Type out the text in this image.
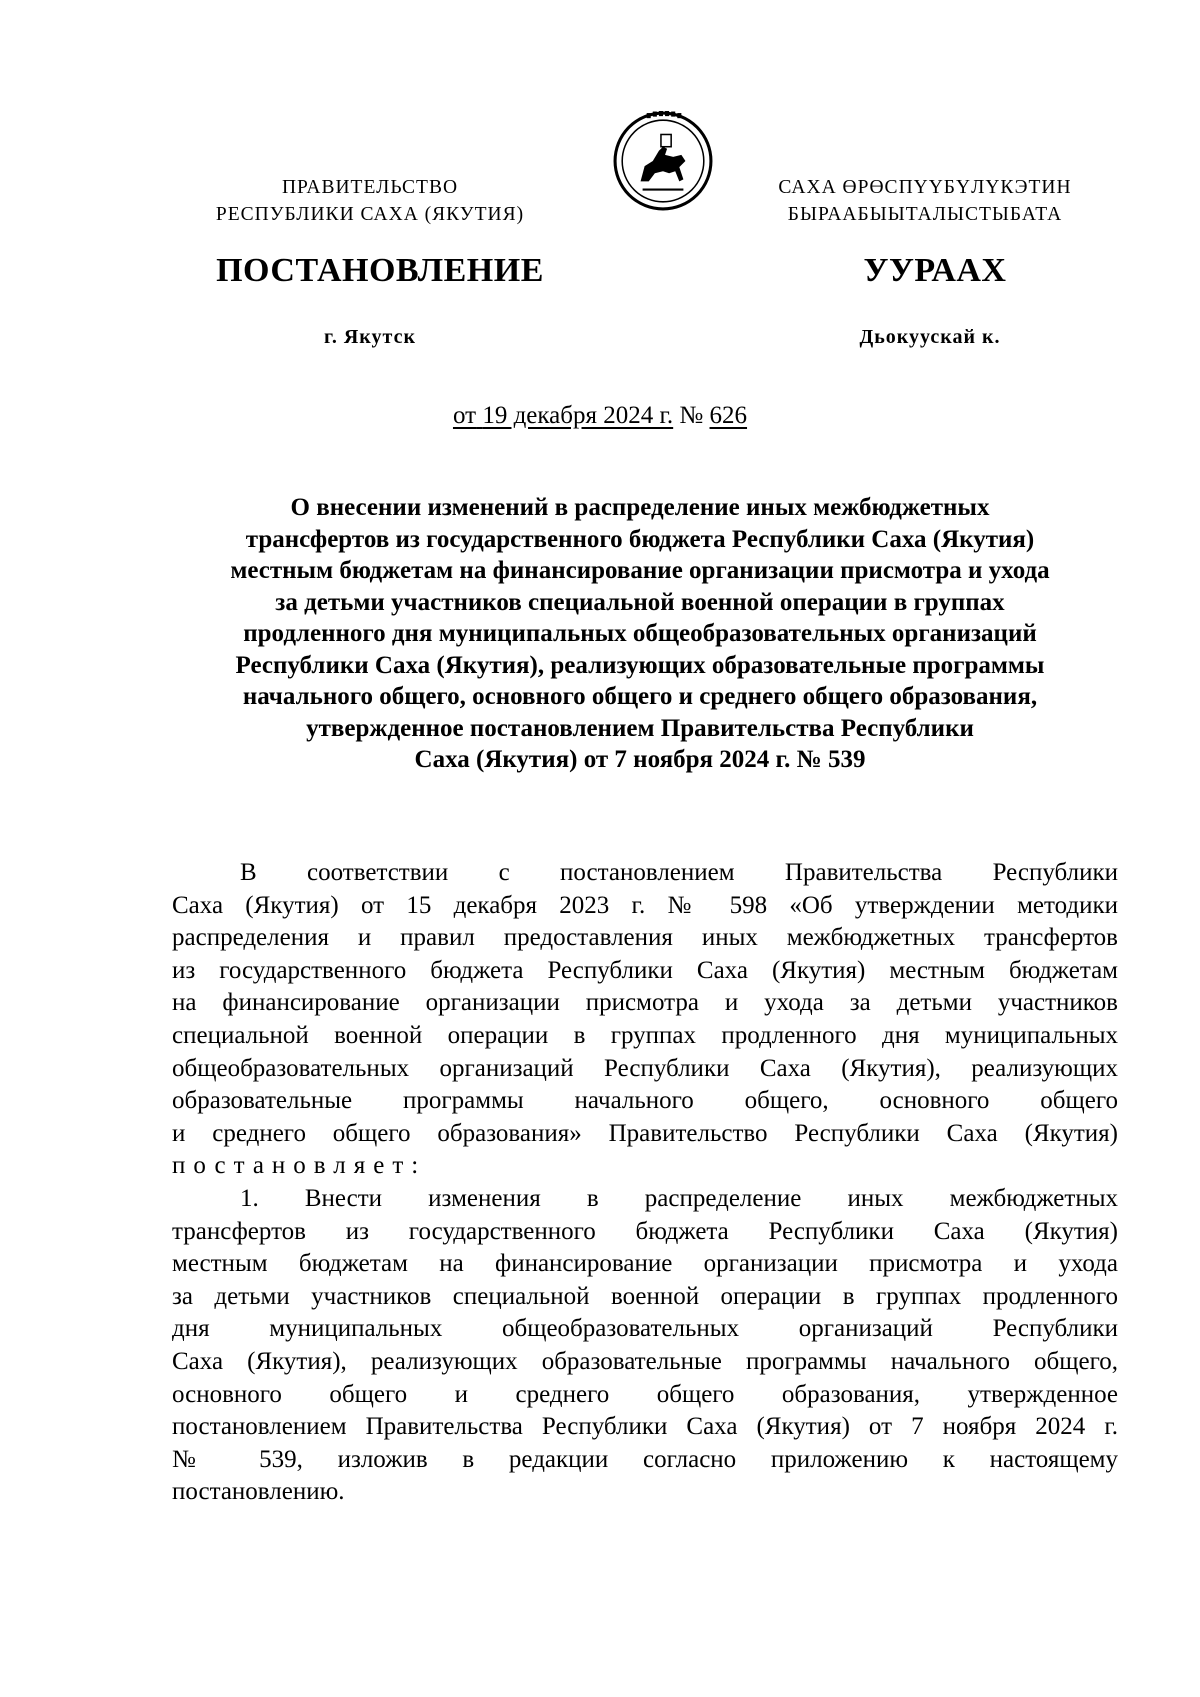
ПРАВИТЕЛЬСТВО
РЕСПУБЛИКИ САХА (ЯКУТИЯ)
САХА ӨРӨСПҮҮБҮЛҮКЭТИН
БЫРААБЫЫТАЛЫСТЫБАТА
ПОСТАНОВЛЕНИЕ	УУРААХ
г. Якутск	Дьокуускай к.
от 19 декабря 2024 г. № 626
О внесении изменений в распределение иных межбюджетных
трансфертов из государственного бюджета Республики Саха (Якутия)
местным бюджетам на финансирование организации присмотра и ухода
за детьми участников специальной военной операции в группах
продленного дня муниципальных общеобразовательных организаций
Республики Саха (Якутия), реализующих образовательные программы
начального общего, основного общего и среднего общего образования,
утвержденное постановлением Правительства Республики
Саха (Якутия) от 7 ноября 2024 г. № 539
В соответствии с постановлением Правительства Республики
Саха (Якутия) от 15 декабря 2023 г. № 598 «Об утверждении методики
распределения и правил предоставления иных межбюджетных трансфертов
из государственного бюджета Республики Саха (Якутия) местным бюджетам
на финансирование организации присмотра и ухода за детьми участников
специальной военной операции в группах продленного дня муниципальных
общеобразовательных организаций Республики Саха (Якутия), реализующих
образовательные программы начального общего, основного общего
и среднего общего образования» Правительство Республики Саха (Якутия)
постановляет:
1. Внести изменения в распределение иных межбюджетных
трансфертов из государственного бюджета Республики Саха (Якутия)
местным бюджетам на финансирование организации присмотра и ухода
за детьми участников специальной военной операции в группах продленного
дня муниципальных общеобразовательных организаций Республики
Саха (Якутия), реализующих образовательные программы начального общего,
основного общего и среднего общего образования, утвержденное
постановлением Правительства Республики Саха (Якутия) от 7 ноября 2024 г.
№ 539, изложив в редакции согласно приложению к настоящему
постановлению.
